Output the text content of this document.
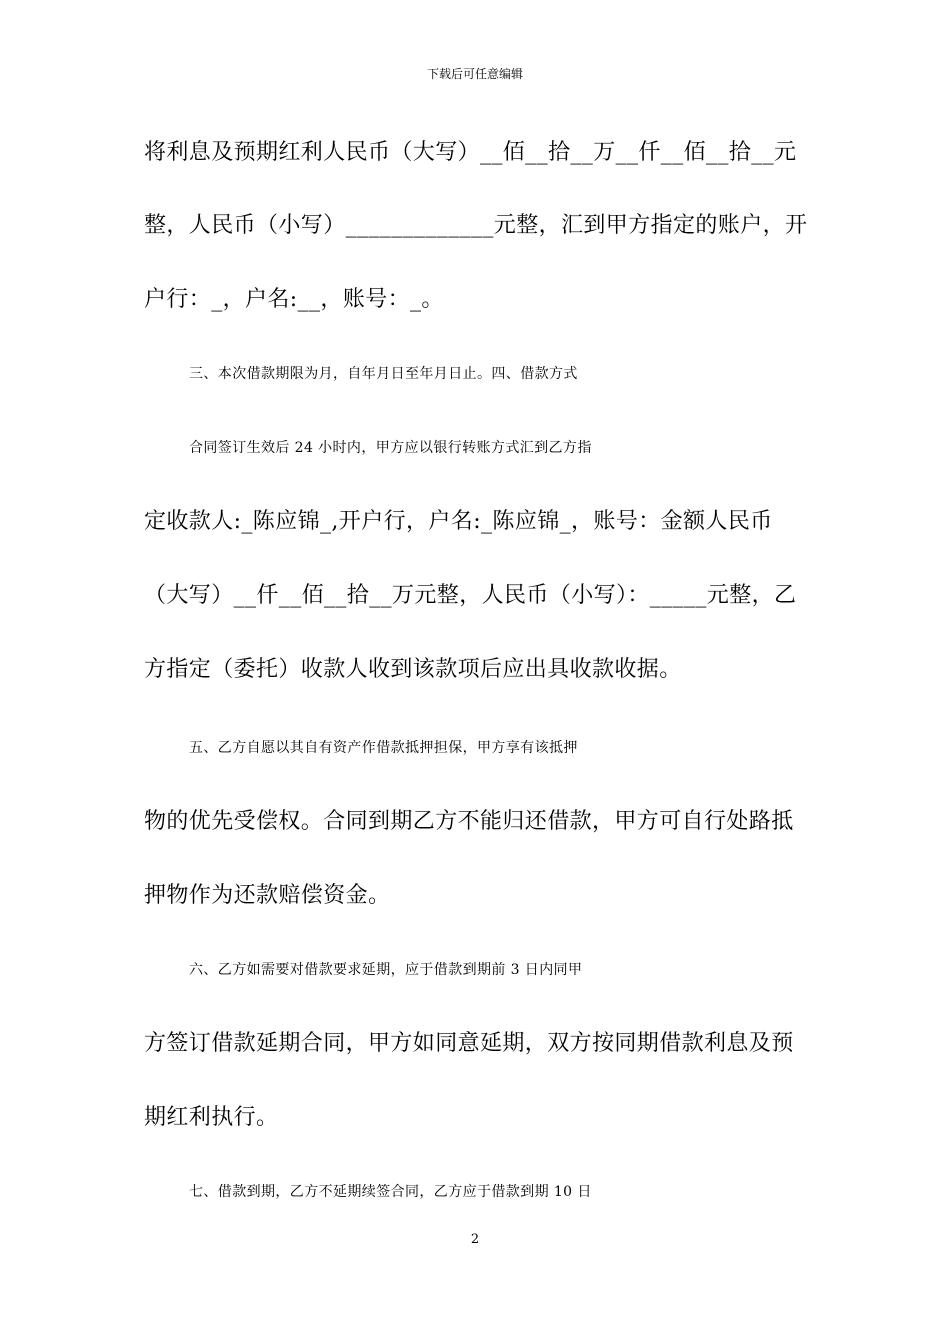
下载后可任意编辑
将利息及预期红利人民币（大写）__佰__拾__万__仟__佰__拾__元
整，人民币（小写）_____________元整，汇到甲方指定的账户，开
户行：_，户名:__，账号：_。
三、本次借款期限为月，自年月日至年月日止。四、借款方式
合同签订生效后 24 小时内，甲方应以银行转账方式汇到乙方指
定收款人:_陈应锦_,开户行，户名:_陈应锦_，账号：金额人民币
（大写）__仟__佰__拾__万元整，人民币（小写）：_____元整，乙
方指定（委托）收款人收到该款项后应出具收款收据。
五、乙方自愿以其自有资产作借款抵押担保，甲方享有该抵押
物的优先受偿权。合同到期乙方不能归还借款，甲方可自行处路抵
押物作为还款赔偿资金。
六、乙方如需要对借款要求延期，应于借款到期前 3 日内同甲
方签订借款延期合同，甲方如同意延期，双方按同期借款利息及预
期红利执行。
七、借款到期，乙方不延期续签合同，乙方应于借款到期 10 日
2
